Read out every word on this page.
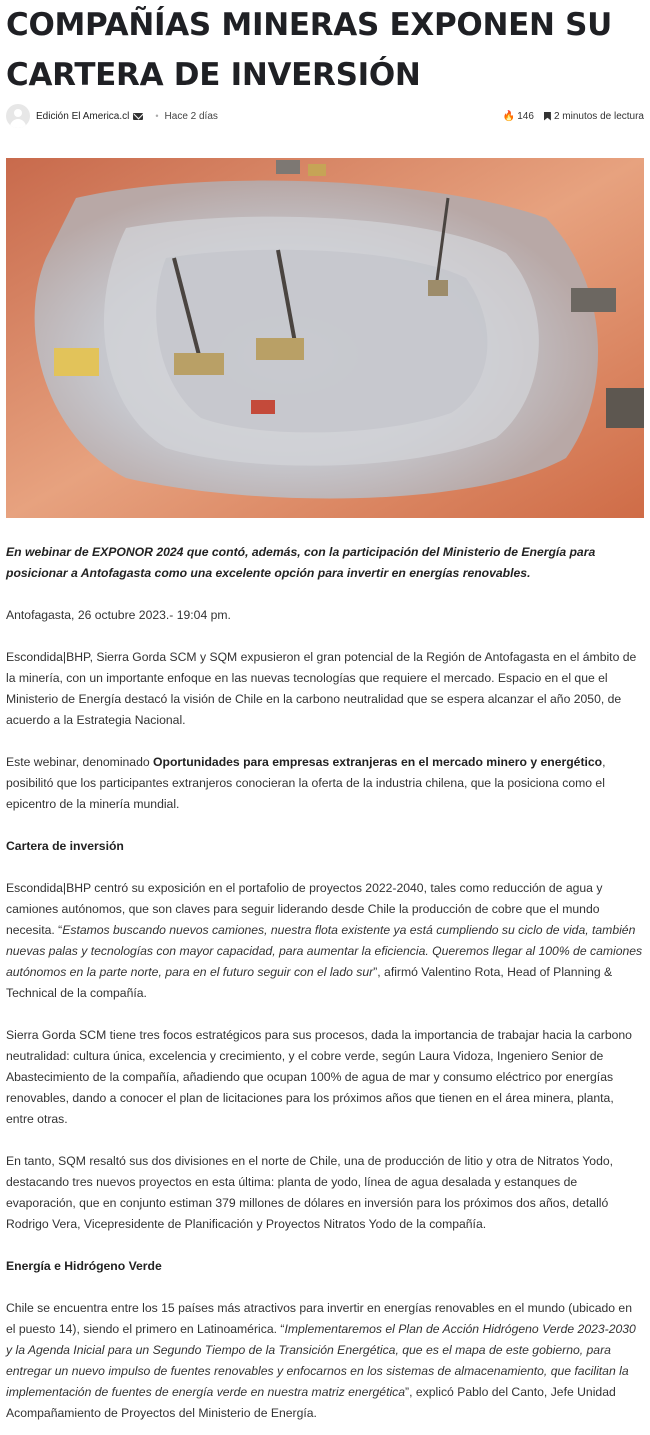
COMPAÑÍAS MINERAS EXPONEN SU CARTERA DE INVERSIÓN
Edición El America.cl	• Hace 2 días	🔥 146 2 minutos de lectura

En webinar de EXPONOR 2024 que contó, además, con la participación del Ministerio de Energía para posicionar a Antofagasta como una excelente opción para invertir en energías renovables.

Antofagasta, 26 octubre 2023.- 19:04 pm.

Escondida|BHP, Sierra Gorda SCM y SQM expusieron el gran potencial de la Región de Antofagasta en el ámbito de la minería, con un importante enfoque en las nuevas tecnologías que requiere el mercado. Espacio en el que el Ministerio de Energía destacó la visión de Chile en la carbono neutralidad que se espera alcanzar el año 2050, de acuerdo a la Estrategia Nacional.

Este webinar, denominado Oportunidades para empresas extranjeras en el mercado minero y energético, posibilitó que los participantes extranjeros conocieran la oferta de la industria chilena, que la posiciona como el epicentro de la minería mundial.

Cartera de inversión

Escondida|BHP centró su exposición en el portafolio de proyectos 2022-2040, tales como reducción de agua y camiones autónomos, que son claves para seguir liderando desde Chile la producción de cobre que el mundo necesita. “Estamos buscando nuevos camiones, nuestra flota existente ya está cumpliendo su ciclo de vida, también nuevas palas y tecnologías con mayor capacidad, para aumentar la eficiencia. Queremos llegar al 100% de camiones autónomos en la parte norte, para en el futuro seguir con el lado sur”, afirmó Valentino Rota, Head of Planning & Technical de la compañía.

Sierra Gorda SCM tiene tres focos estratégicos para sus procesos, dada la importancia de trabajar hacia la carbono neutralidad: cultura única, excelencia y crecimiento, y el cobre verde, según Laura Vidoza, Ingeniero Senior de Abastecimiento de la compañía, añadiendo que ocupan 100% de agua de mar y consumo eléctrico por energías renovables, dando a conocer el plan de licitaciones para los próximos años que tienen en el área minera, planta, entre otras.

En tanto, SQM resaltó sus dos divisiones en el norte de Chile, una de producción de litio y otra de Nitratos Yodo, destacando tres nuevos proyectos en esta última: planta de yodo, línea de agua desalada y estanques de evaporación, que en conjunto estiman 379 millones de dólares en inversión para los próximos dos años, detalló Rodrigo Vera, Vicepresidente de Planificación y Proyectos Nitratos Yodo de la compañía.

Energía e Hidrógeno Verde

Chile se encuentra entre los 15 países más atractivos para invertir en energías renovables en el mundo (ubicado en el puesto 14), siendo el primero en Latinoamérica. “Implementaremos el Plan de Acción Hidrógeno Verde 2023-2030 y la Agenda Inicial para un Segundo Tiempo de la Transición Energética, que es el mapa de este gobierno, para entregar un nuevo impulso de fuentes renovables y enfocarnos en los sistemas de almacenamiento, que facilitan la implementación de fuentes de energía verde en nuestra matriz energética”, explicó Pablo del Canto, Jefe Unidad Acompañamiento de Proyectos del Ministerio de Energía.
